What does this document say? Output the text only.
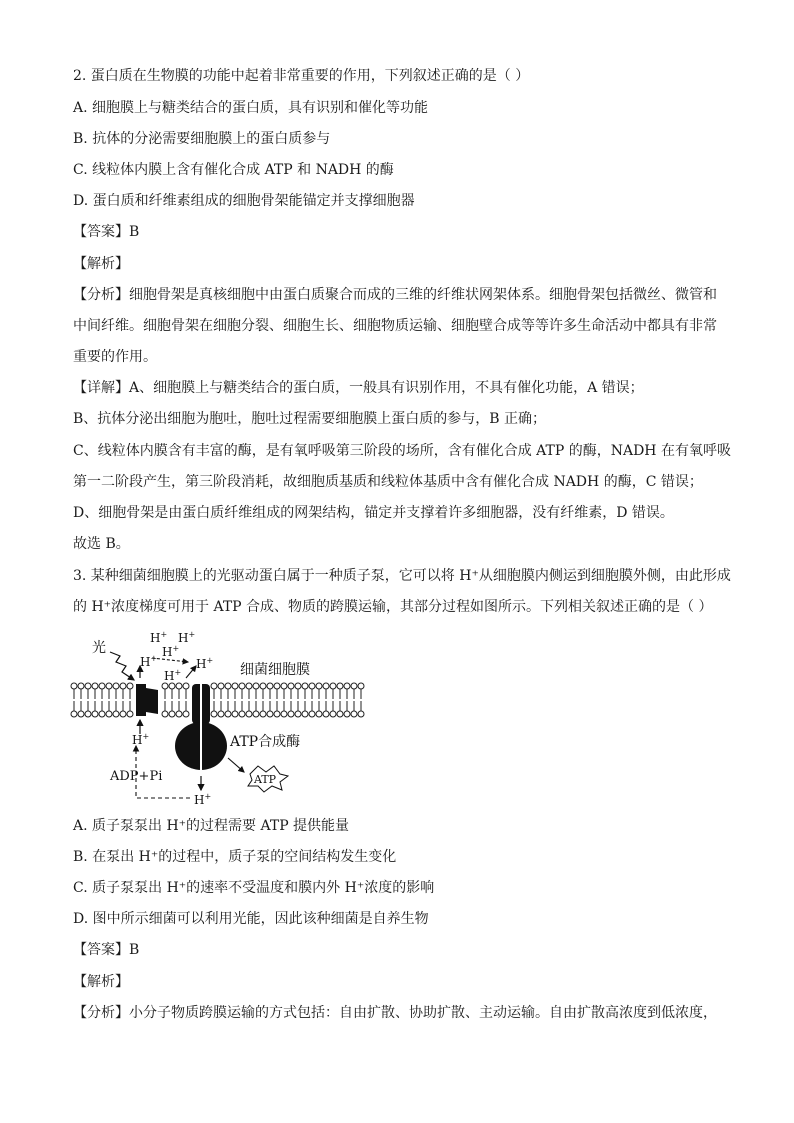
2. 蛋白质在生物膜的功能中起着非常重要的作用，下列叙述正确的是（ ）
A. 细胞膜上与糖类结合的蛋白质，具有识别和催化等功能
B. 抗体的分泌需要细胞膜上的蛋白质参与
C. 线粒体内膜上含有催化合成 ATP 和 NADH 的酶
D. 蛋白质和纤维素组成的细胞骨架能锚定并支撑细胞器
【答案】B
【解析】
【分析】细胞骨架是真核细胞中由蛋白质聚合而成的三维的纤维状网架体系。细胞骨架包括微丝、微管和
中间纤维。细胞骨架在细胞分裂、细胞生长、细胞物质运输、细胞壁合成等等许多生命活动中都具有非常
重要的作用。
【详解】A、细胞膜上与糖类结合的蛋白质，一般具有识别作用，不具有催化功能，A 错误；
B、抗体分泌出细胞为胞吐，胞吐过程需要细胞膜上蛋白质的参与，B 正确；
C、线粒体内膜含有丰富的酶，是有氧呼吸第三阶段的场所，含有催化合成 ATP 的酶，NADH 在有氧呼吸
第一二阶段产生，第三阶段消耗，故细胞质基质和线粒体基质中含有催化合成 NADH 的酶，C 错误；
D、细胞骨架是由蛋白质纤维组成的网架结构，锚定并支撑着许多细胞器，没有纤维素，D 错误。
故选 B。
3. 某种细菌细胞膜上的光驱动蛋白属于一种质子泵，它可以将 H⁺从细胞膜内侧运到细胞膜外侧，由此形成
的 H⁺浓度梯度可用于 ATP 合成、物质的跨膜运输，其部分过程如图所示。下列相关叙述正确的是（ ）
光
H+ H+
H+
H+	H+
H+
H+
H+
细菌细胞膜
ATP合成酶
ADP+Pi	ATP
A. 质子泵泵出 H⁺的过程需要 ATP 提供能量
B. 在泵出 H⁺的过程中，质子泵的空间结构发生变化
C. 质子泵泵出 H⁺的速率不受温度和膜内外 H⁺浓度的影响
D. 图中所示细菌可以利用光能，因此该种细菌是自养生物
【答案】B
【解析】
【分析】小分子物质跨膜运输的方式包括：自由扩散、协助扩散、主动运输。自由扩散高浓度到低浓度，
